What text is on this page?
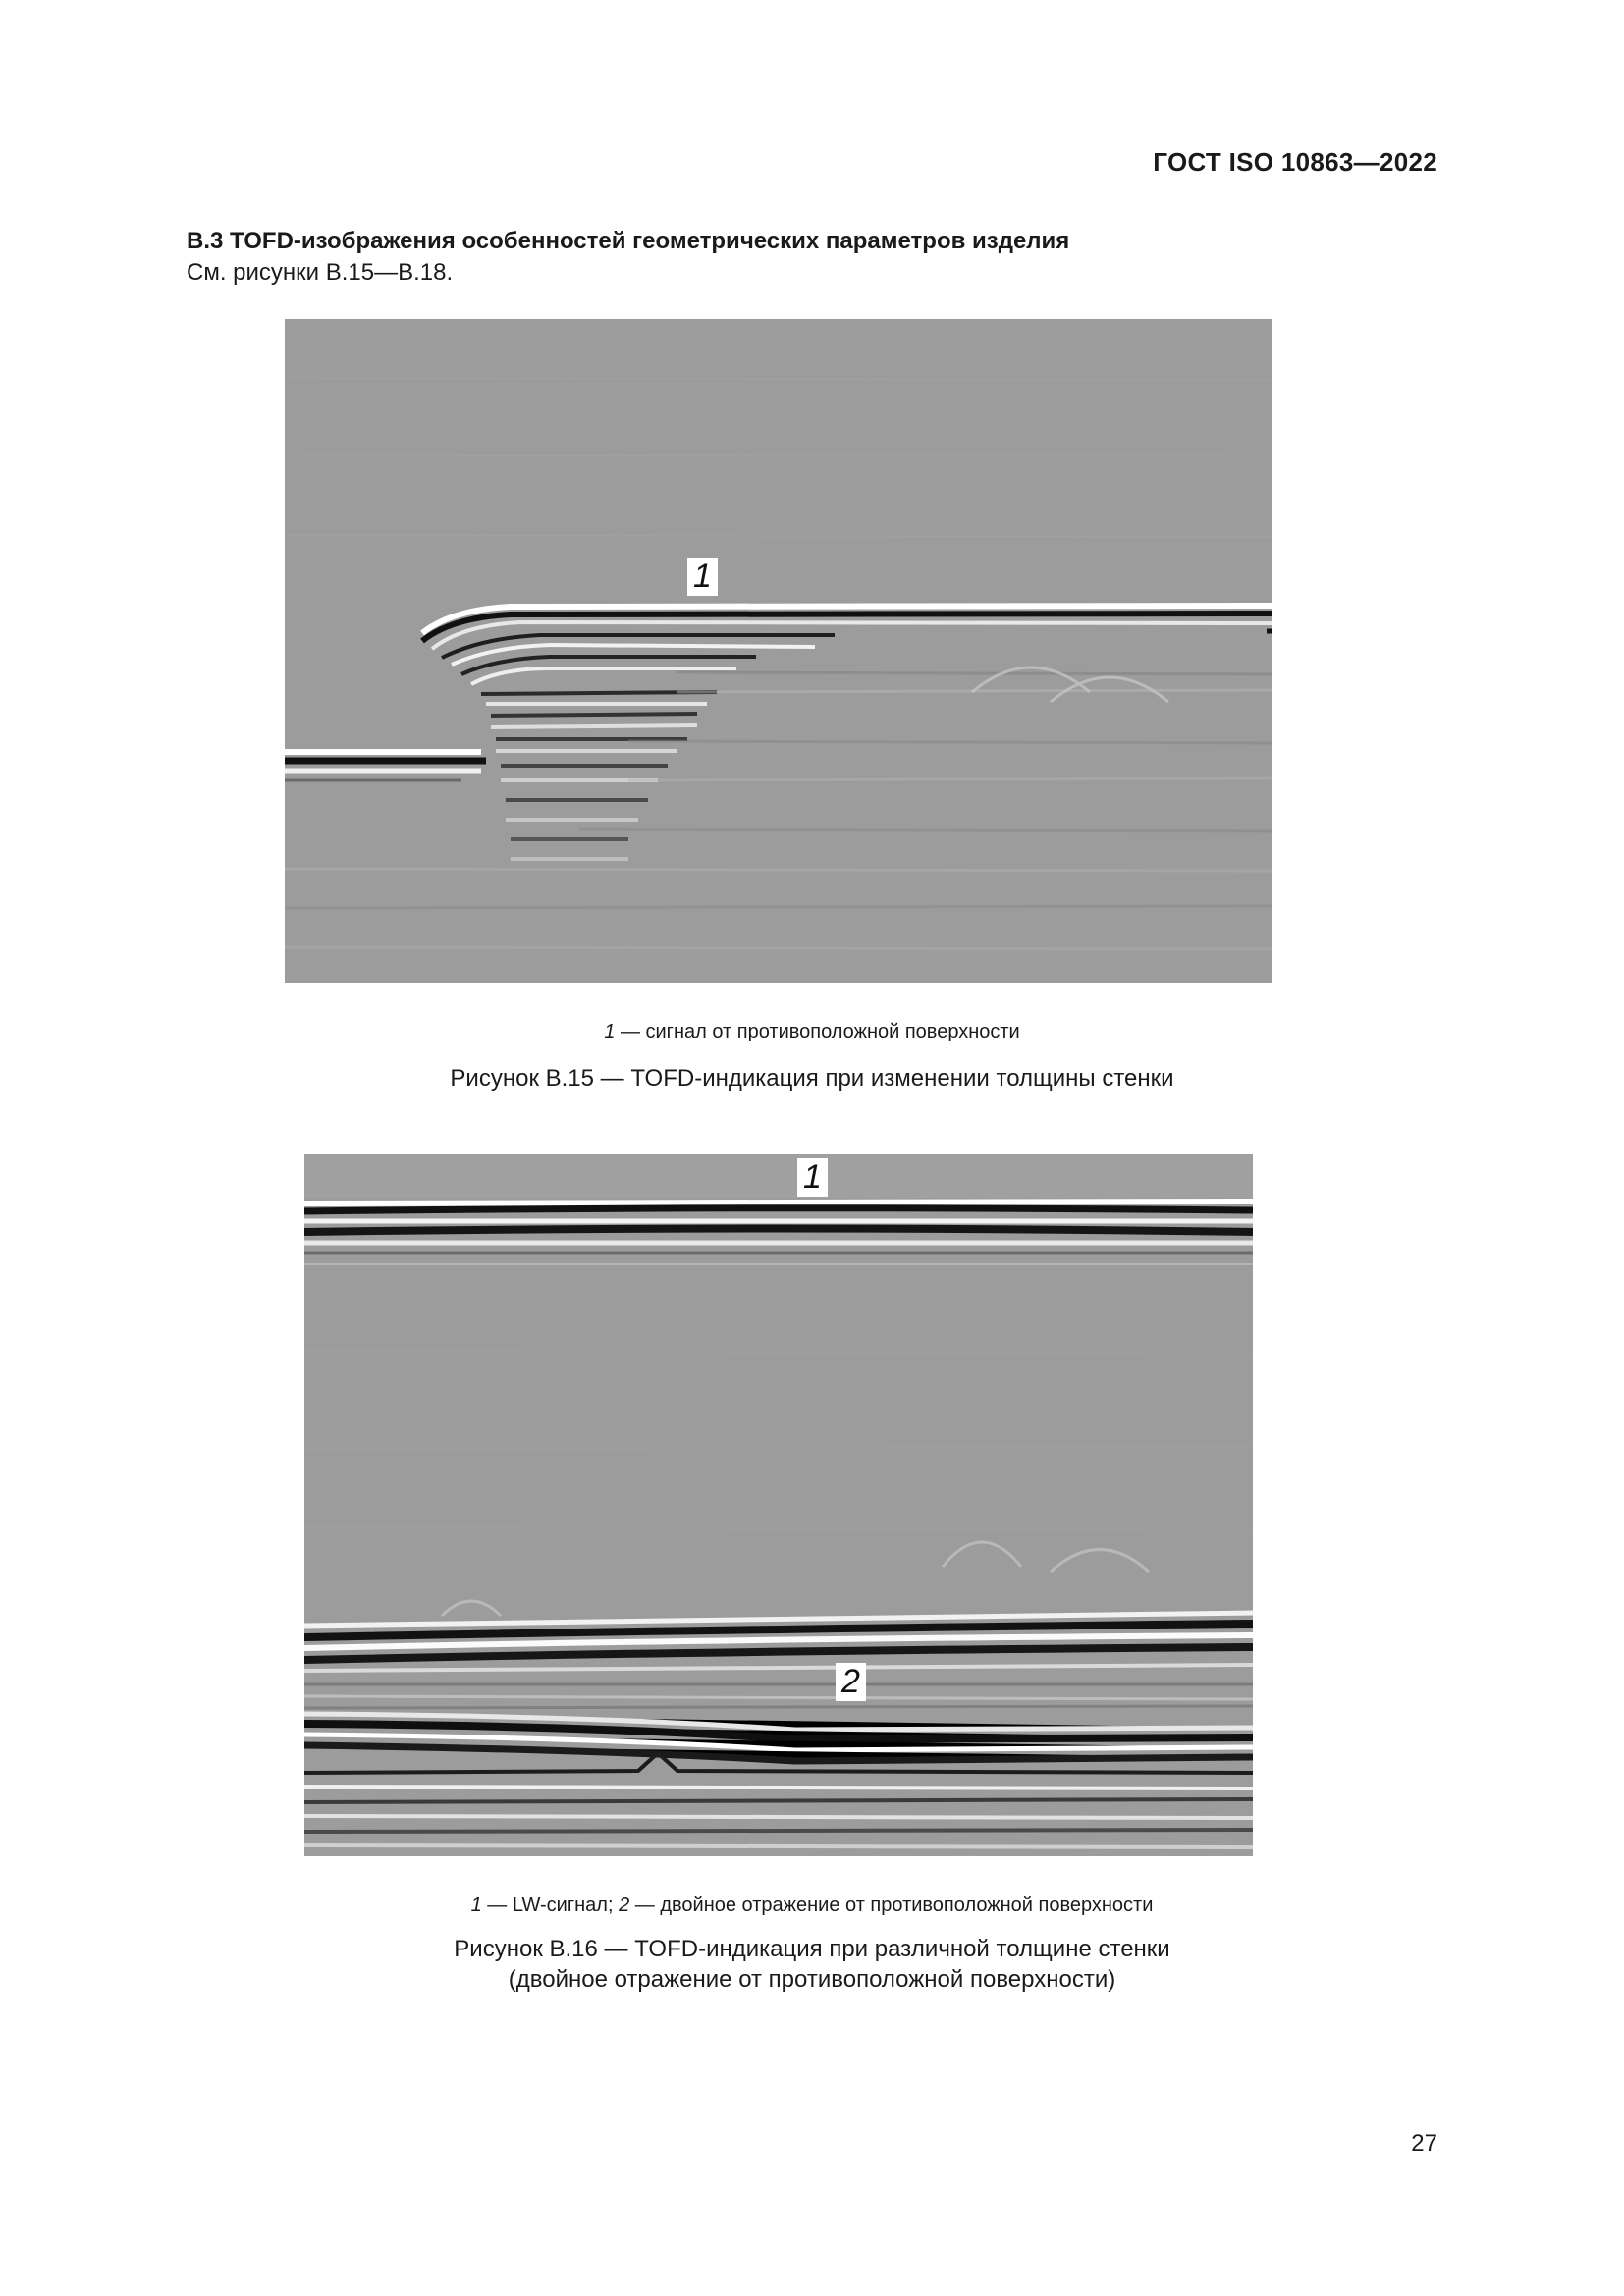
ГОСТ ISO 10863—2022
В.3 TOFD-изображения особенностей геометрических параметров изделия
См. рисунки В.15—В.18.
1
1 — сигнал от противоположной поверхности
Рисунок В.15 — TOFD-индикация при изменении толщины стенки
1
2
1 — LW-сигнал; 2 — двойное отражение от противоположной поверхности
Рисунок В.16 — TOFD-индикация при различной толщине стенки
(двойное отражение от противоположной поверхности)
27
